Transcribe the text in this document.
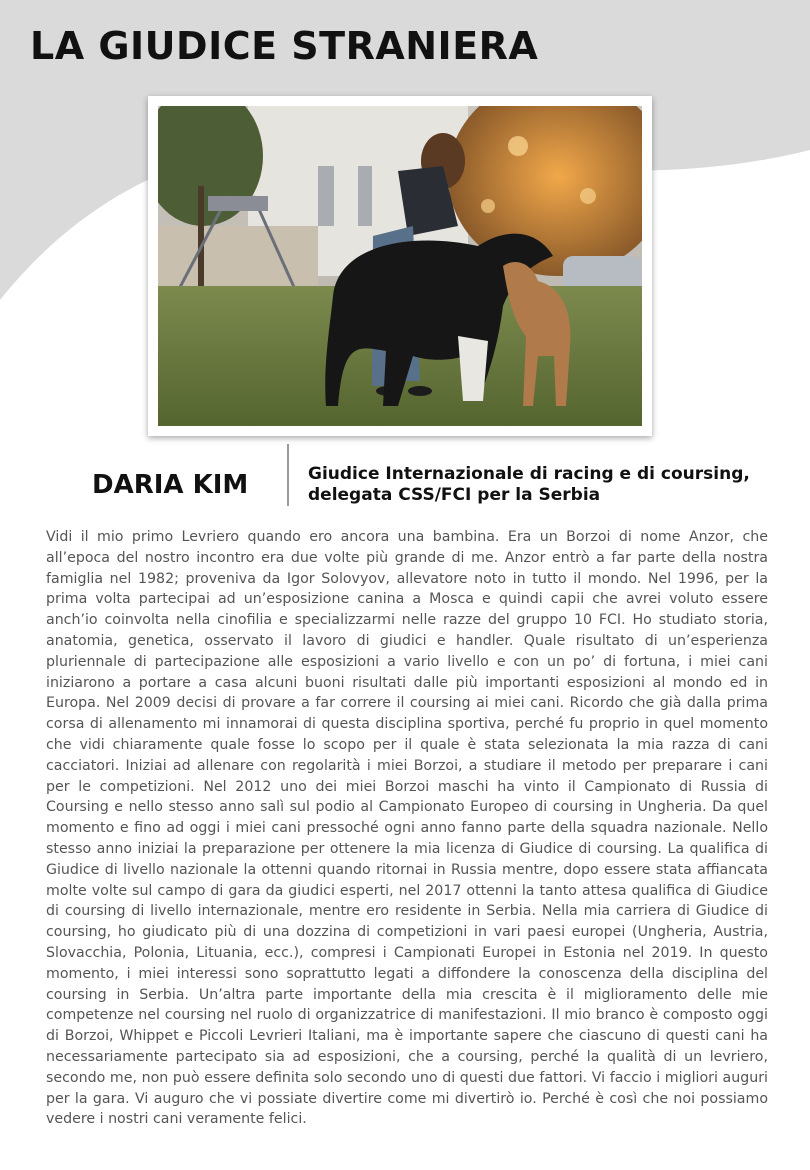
LA GIUDICE STRANIERA
DARIA KIM	Giudice Internazionale di racing e di coursing,
delegata CSS/FCI per la Serbia

Vidi il mio primo Levriero quando ero ancora una bambina. Era un Borzoi di nome Anzor, che all’epoca del nostro incontro era due volte più grande di me. Anzor entrò a far parte della nostra famiglia nel 1982; proveniva da Igor Solovyov, allevatore noto in tutto il mondo. Nel 1996, per la prima volta partecipai ad un’esposizione canina a Mosca e quindi capii che avrei voluto essere anch’io coinvolta nella cinofilia e specializzarmi nelle razze del gruppo 10 FCI. Ho studiato storia, anatomia, genetica, osservato il lavoro di giudici e handler. Quale risultato di un’esperienza pluriennale di partecipazione alle esposizioni a vario livello e con un po’ di fortuna, i miei cani iniziarono a portare a casa alcuni buoni risultati dalle più importanti esposizioni al mondo ed in Europa. Nel 2009 decisi di provare a far correre il coursing ai miei cani. Ricordo che già dalla prima corsa di allenamento mi innamorai di questa disciplina sportiva, perché fu proprio in quel momento che vidi chiaramente quale fosse lo scopo per il quale è stata selezionata la mia razza di cani cacciatori. Iniziai ad allenare con regolarità i miei Borzoi, a studiare il metodo per preparare i cani per le competizioni. Nel 2012 uno dei miei Borzoi maschi ha vinto il Campionato di Russia di Coursing e nello stesso anno salì sul podio al Campionato Europeo di coursing in Ungheria. Da quel momento e fino ad oggi i miei cani pressoché ogni anno fanno parte della squadra nazionale. Nello stesso anno iniziai la preparazione per ottenere la mia licenza di Giudice di coursing. La qualifica di Giudice di livello nazionale la ottenni quando ritornai in Russia mentre, dopo essere stata affiancata molte volte sul campo di gara da giudici esperti, nel 2017 ottenni la tanto attesa qualifica di Giudice di coursing di livello internazionale, mentre ero residente in Serbia. Nella mia carriera di Giudice di coursing, ho giudicato più di una dozzina di competizioni in vari paesi europei (Ungheria, Austria, Slovacchia, Polonia, Lituania, ecc.), compresi i Campionati Europei in Estonia nel 2019. In questo momento, i miei interessi sono soprattutto legati a diffondere la conoscenza della disciplina del coursing in Serbia. Un’altra parte importante della mia crescita è il miglioramento delle mie competenze nel coursing nel ruolo di organizzatrice di manifestazioni. Il mio branco è composto oggi di Borzoi, Whippet e Piccoli Levrieri Italiani, ma è importante sapere che ciascuno di questi cani ha necessariamente partecipato sia ad esposizioni, che a coursing, perché la qualità di un levriero, secondo me, non può essere definita solo secondo uno di questi due fattori. Vi faccio i migliori auguri per la gara. Vi auguro che vi possiate divertire come mi divertirò io. Perché è così che noi possiamo vedere i nostri cani veramente felici.
